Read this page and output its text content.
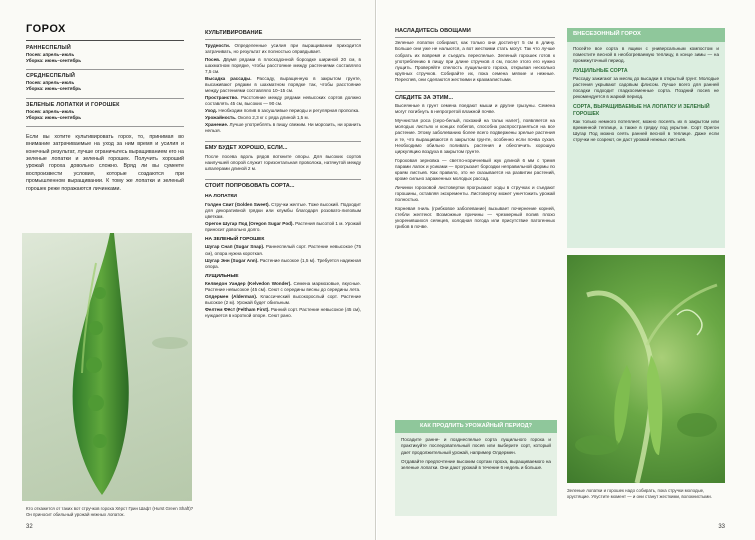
ГОРОХ
РАННЕСПЕЛЫЙ
Посев: апрель–июль
Уборка: июнь–сентябрь
СРЕДНЕСПЕЛЫЙ
Посев: апрель–июль
Уборка: июнь–сентябрь
ЗЕЛЕНЫЕ ЛОПАТКИ И ГОРОШЕК
Посев: апрель–июль
Уборка: июнь–сентябрь
Если вы хотите культивировать горох, то, принимая во внимание затрачиваемые на уход за ним время и усилия и конечный результат, лучше ограничьтесь выращиванием его на зеленые лопатки и зеленый горошек. Получить хороший урожай гороха довольно сложно. Вряд ли вы сумеете воспроизвести условия, которые создаются при промышленном выращивании. К тому же лопатки и зеленый горошек реже поражаются личинками.
Кто откажется от таких вот стручков гороха Хёрст Грин Шафт (Hurst Green Shaft)? Он приносит обильный урожай нежных лопаток.
32
КУЛЬТИВИРОВАНИЕ
Трудности. Определенные усилия при выращивании приходится затрачивать, но результат их полностью оправдывает.
Посев. Двумя рядами в плоскодонной бороздке шириной 20 см, в шахматном порядке, чтобы расстояние между растениями составляло 7,5 см.
Высадка рассады. Рассаду, выращенную в закрытом грунте, высаживают рядами в шахматном порядке так, чтобы расстояние между растениями составляло 10–15 см.
Пространство. Расстояние между рядами невысоких сортов должно составлять 45 см, высоких — 90 см.
Уход. Необходим полив в засушливые периоды и регулярная прополка.
Урожайность. Около 2,3 кг с ряда длиной 1,5 м.
Хранение. Лучше употреблять в пищу свежим. Ни морозить, ни хранить нельзя.
ЕМУ БУДЕТ ХОРОШО, ЕСЛИ...
После посева вдоль рядов воткните опоры. Для высоких сортов наилучшей опорой служит горизонтальная проволока, натянутой между шпалерами длиной 2 м.
СТОИТ ПОПРОБОВАТЬ СОРТА...
НА ЛОПАТКИ
Голден Свит (Golden Sweet). Стручки желтые. Тоже высокий. Подходит для декоративной грядки или клумбы благодаря розовато-лиловым цветкам.
Орегон Шугар Под (Oregon Sugar Pod). Растения высотой 1 м. Урожай приносит довольно долго.
НА ЗЕЛЕНЫЙ ГОРОШЕК
Шугар Снап (Sugar Snap). Раннеспелый сорт. Растение невысокое (75 см), опора нужна короткая.
Шугар Энн (Sugar Ann). Растение высокое (1,5 м). Требуется надежная опора.
ЛУЩИЛЬНЫЕ
Келведон Уандер (Kelvedon Wonder). Семена мармозовые, вкусные. Растение невысокое (45 см). Сеют с середины весны до середины лета.
Олдермен (Alderman). Классический высокорослый сорт. Растение высокое (2 м). Урожай будет обильным.
Фелтем Фёст (Feltham First). Ранний сорт. Растение невысокое (45 см), нуждается в короткой опоре. Сеют рано.
НАСЛАДИТЕСЬ ОВОЩАМИ
Зеленые лопатки собирают, как только они достигнут 5 см в длину. Больше они уже не нальются, а вот жесткими стать могут. Так что лучше собрать их вовремя и съедать переспелые. Зеленый горошек готов к употреблению в пищу при длине стручков 4 см, после этого его нужно лущить. Проверяйте спелость лущильного гороха, открывая несколько крупных стручков. Собирайте их, пока семена мягкие и нежные. Переспев, они сделаются жесткими и крахмалистыми.
СЛЕДИТЕ ЗА ЭТИМ...
Высеянные в грунт семена поедают мыши и другие грызуны. Семена могут погибнуть в непрогретой влажной почве.
Мучнистая роса (серо-белый, похожий на тальк налет), появляется на молодых листьях и концах побегов, способна распространяться на все растение. Этому заболеванию более всего подвержены зрелые растения и те, что выращиваются в закрытом грунте, особенно если почва сухая. Необходимо обильно поливать растения и обеспечить хорошую циркуляцию воздуха в закрытом грунте.
Гороховая зерновка — светло-коричневый жук длиной 6 мм с тремя парами лапок и усиками — прогрызает бороздки неправильной формы по краям листьев. Как правило, это не сказывается на развитии растений, кроме сильно зараженных молодых рассад.
Личинки гороховой листовертки прогрызают ходы в стручках и съедают горошины, оставляя экскременты. Листовертку может уничтожить урожай полностью.
Корневая гниль (грибковое заболевание) вызывает почернение корней, стебли желтеют. Возможные причины — чрезмерный полив плохо укоренившихся сеянцев, холодная погода или присутствие патогенных грибов в почве.
КАК ПРОДЛИТЬ УРОЖАЙНЫЙ ПЕРИОД?
Посадите ранне- и позднеспелые сорта лущильного гороха и практикуйте последовательный посев или выберите сорт, который дает продолжительный урожай, например Олдермен.
Отдавайте предпочтение высоким сортам гороха, выращиваемого на зеленые лопатки. Они дают урожай в течение 6 недель и больше.
33
ВНЕСЕЗОННЫЙ ГОРОХ
Посейте все сорта в ящики с универсальным компостом и поместите весной в необогреваемую теплицу, в конце зимы — на промежуточный период.
ЛУЩИЛЬНЫЕ СОРТА
Рассаду зажигают за месяц до высадки в открытый грунт. Молодые растения укрывают садовым флисом. Лучше всего для ранней посадки подходит гладкосеменные сорта. Поздний посев не рекомендуется в жаркий период.
СОРТА, ВЫРАЩИВАЕМЫЕ НА ЛОПАТКУ И ЗЕЛЕНЫЙ ГОРОШЕК
Как только немного потеплеет, можно посеять их в закрытом или временной теплице, а также в грядку под укрытие. Сорт Орегон Шугар Под можно сеять ранней весной в теплице. Даже если стручки не созреют, он даст урожай нежных листьев.
Зеленые лопатки и горошек надо собирать, пока стручки молодые, хрустящие. Упустите момент — и они станут жесткими, волокнистыми.
